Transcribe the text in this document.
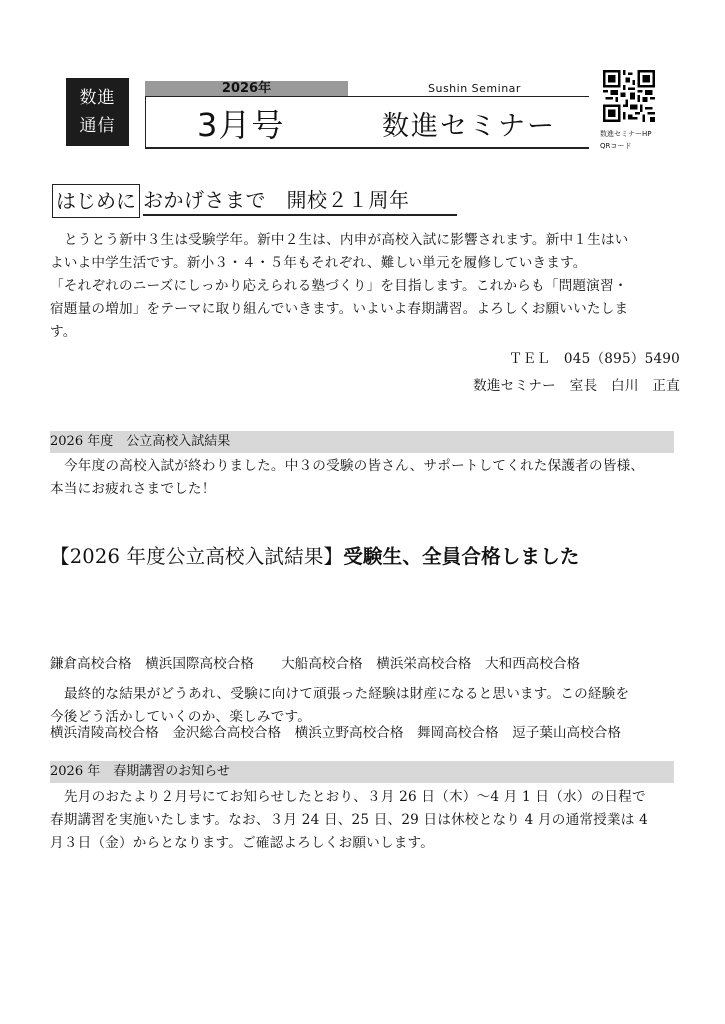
数進
通信
2026年	Sushin Seminar
3月号	数進セミナー	数進セミナーHP
QRコード
はじめに おかげさまで　開校２１周年

とうとう新中３生は受験学年。新中２生は、内申が高校入試に影響されます。新中１生はい

よいよ中学生活です。新小３・４・５年もそれぞれ、難しい単元を履修していきます。

「それぞれのニーズにしっかり応えられる塾づくり」を目指します。これからも「問題演習・

宿題量の増加」をテーマに取り組んでいきます。いよいよ春期講習。よろしくお願いいたしま

す。

ＴＥＬ　045（895）5490

数進セミナー　室長　白川　正直

2026 年度　公立高校入試結果

今年度の高校入試が終わりました。中３の受験の皆さん、サポートしてくれた保護者の皆様、

本当にお疲れさまでした！

【2026 年度公立高校入試結果】受験生、全員合格しました

鎌倉高校合格　横浜国際高校合格　　大船高校合格　横浜栄高校合格　大和西高校合格

横浜清陵高校合格　金沢総合高校合格　横浜立野高校合格　舞岡高校合格　逗子葉山高校合格

最終的な結果がどうあれ、受験に向けて頑張った経験は財産になると思います。この経験を

今後どう活かしていくのか、楽しみです。

2026 年　春期講習のお知らせ

先月のおたより２月号にてお知らせしたとおり、３月 26 日（木）～4 月 1 日（水）の日程で

春期講習を実施いたします。なお、３月 24 日、25 日、29 日は休校となり 4 月の通常授業は 4

月３日（金）からとなります。ご確認よろしくお願いします。
